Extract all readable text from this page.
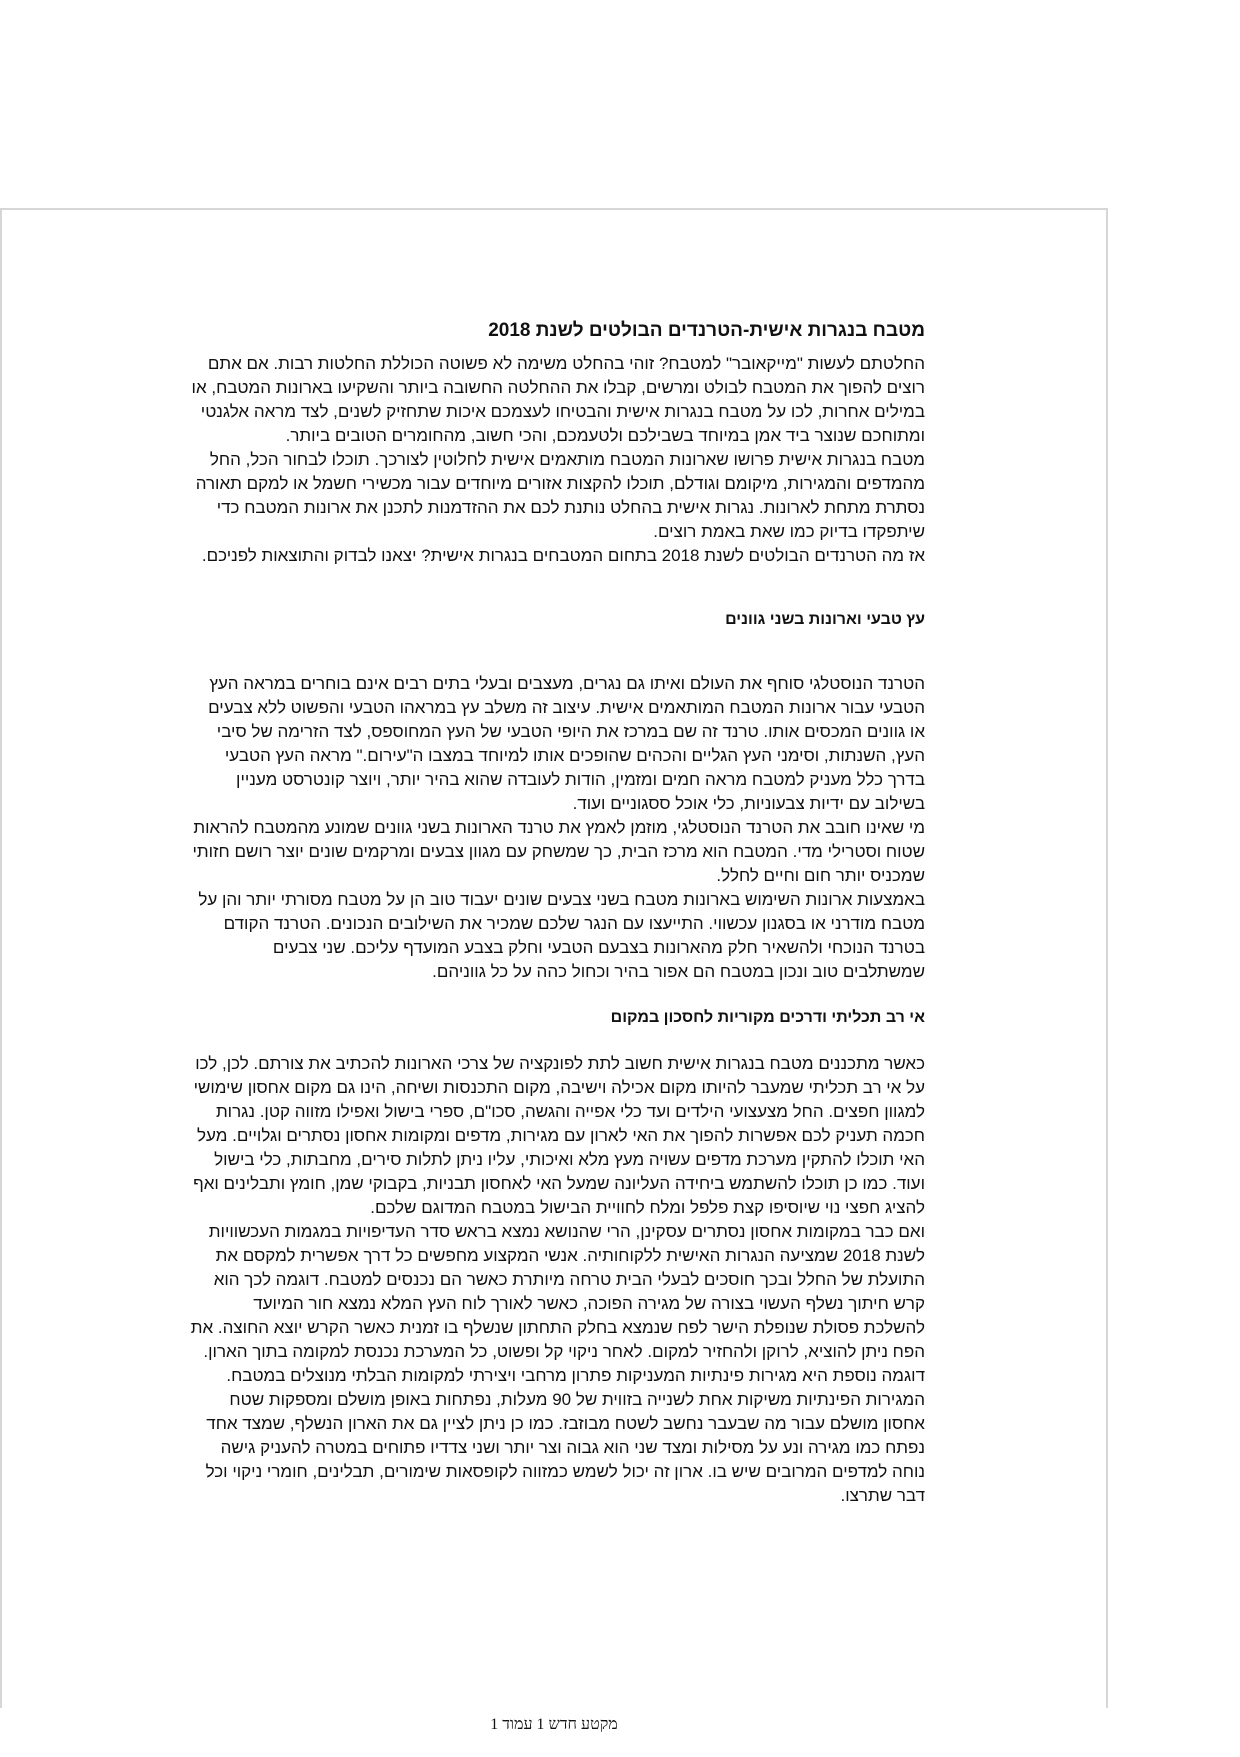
מטבח בנגרות אישית-הטרנדים הבולטים לשנת 2018

החלטתם לעשות "מייקאובר" למטבח? זוהי בהחלט משימה לא פשוטה הכוללת החלטות רבות. אם אתם רוצים להפוך את המטבח לבולט ומרשים, קבלו את ההחלטה החשובה ביותר והשקיעו בארונות המטבח, או במילים אחרות, לכו על מטבח בנגרות אישית והבטיחו לעצמכם איכות שתחזיק לשנים, לצד מראה אלגנטי ומתוחכם שנוצר ביד אמן במיוחד בשבילכם ולטעמכם, והכי חשוב, מהחומרים הטובים ביותר.

מטבח בנגרות אישית פרושו שארונות המטבח מותאמים אישית לחלוטין לצורכך. תוכלו לבחור הכל, החל מהמדפים והמגירות, מיקומם וגודלם, תוכלו להקצות אזורים מיוחדים עבור מכשירי חשמל או למקם תאורה נסתרת מתחת לארונות. נגרות אישית בהחלט נותנת לכם את ההזדמנות לתכנן את ארונות המטבח כדי שיתפקדו בדיוק כמו שאת באמת רוצים.

אז מה הטרנדים הבולטים לשנת 2018 בתחום המטבחים בנגרות אישית? יצאנו לבדוק והתוצאות לפניכם.

עץ טבעי וארונות בשני גוונים

הטרנד הנוסטלגי סוחף את העולם ואיתו גם נגרים, מעצבים ובעלי בתים רבים אינם בוחרים במראה העץ הטבעי עבור ארונות המטבח המותאמים אישית. עיצוב זה משלב עץ במראהו הטבעי והפשוט ללא צבעים או גוונים המכסים אותו. טרנד זה שם במרכז את היופי הטבעי של העץ המחוספס, לצד הזרימה של סיבי העץ, השנתות, וסימני העץ הגליים והכהים שהופכים אותו למיוחד במצבו ה"עירום." מראה העץ הטבעי בדרך כלל מעניק למטבח מראה חמים ומזמין, הודות לעובדה שהוא בהיר יותר, ויוצר קונטרסט מעניין בשילוב עם ידיות צבעוניות, כלי אוכל ססגוניים ועוד.

מי שאינו חובב את הטרנד הנוסטלגי, מוזמן לאמץ את טרנד הארונות בשני גוונים שמונע מהמטבח להראות שטוח וסטרילי מדי. המטבח הוא מרכז הבית, כך שמשחק עם מגוון צבעים ומרקמים שונים יוצר רושם חזותי שמכניס יותר חום וחיים לחלל.

באמצעות ארונות השימוש בארונות מטבח בשני צבעים שונים יעבוד טוב הן על מטבח מסורתי יותר והן על מטבח מודרני או בסגנון עכשווי. התייעצו עם הנגר שלכם שמכיר את השילובים הנכונים. הטרנד הקודם בטרנד הנוכחי ולהשאיר חלק מהארונות בצבעם הטבעי וחלק בצבע המועדף עליכם. שני צבעים שמשתלבים טוב ונכון במטבח הם אפור בהיר וכחול כהה על כל גווניהם.

אי רב תכליתי ודרכים מקוריות לחסכון במקום

כאשר מתכננים מטבח בנגרות אישית חשוב לתת לפונקציה של צרכי הארונות להכתיב את צורתם. לכן, לכו על אי רב תכליתי שמעבר להיותו מקום אכילה וישיבה, מקום התכנסות ושיחה, הינו גם מקום אחסון שימושי למגוון חפצים. החל מצעצועי הילדים ועד כלי אפייה והגשה, סכו"ם, ספרי בישול ואפילו מזווה קטן. נגרות חכמה תעניק לכם אפשרות להפוך את האי לארון עם מגירות, מדפים ומקומות אחסון נסתרים וגלויים. מעל האי תוכלו להתקין מערכת מדפים עשויה מעץ מלא ואיכותי, עליו ניתן לתלות סירים, מחבתות, כלי בישול ועוד. כמו כן תוכלו להשתמש ביחידה העליונה שמעל האי לאחסון תבניות, בקבוקי שמן, חומץ ותבלינים ואף להציג חפצי נוי שיוסיפו קצת פלפל ומלח לחוויית הבישול במטבח המדוגם שלכם.

ואם כבר במקומות אחסון נסתרים עסקינן, הרי שהנושא נמצא בראש סדר העדיפויות במגמות העכשוויות לשנת 2018 שמציעה הנגרות האישית ללקוחותיה. אנשי המקצוע מחפשים כל דרך אפשרית למקסם את התועלת של החלל ובכך חוסכים לבעלי הבית טרחה מיותרת כאשר הם נכנסים למטבח. דוגמה לכך הוא קרש חיתוך נשלף העשוי בצורה של מגירה הפוכה, כאשר לאורך לוח העץ המלא נמצא חור המיועד להשלכת פסולת שנופלת הישר לפח שנמצא בחלק התחתון שנשלף בו זמנית כאשר הקרש יוצא החוצה. את הפח ניתן להוציא, לרוקן ולהחזיר למקום. לאחר ניקוי קל ופשוט, כל המערכת נכנסת למקומה בתוך הארון.

דוגמה נוספת היא מגירות פינתיות המעניקות פתרון מרחבי ויצירתי למקומות הבלתי מנוצלים במטבח. המגירות הפינתיות משיקות אחת לשנייה בזווית של 90 מעלות, נפתחות באופן מושלם ומספקות שטח אחסון מושלם עבור מה שבעבר נחשב לשטח מבוזבז. כמו כן ניתן לציין גם את הארון הנשלף, שמצד אחד נפתח כמו מגירה ונע על מסילות ומצד שני הוא גבוה וצר יותר ושני צדדיו פתוחים במטרה להעניק גישה נוחה למדפים המרובים שיש בו. ארון זה יכול לשמש כמזווה לקופסאות שימורים, תבלינים, חומרי ניקוי וכל דבר שתרצו.

מקטע חדש 1 עמוד 1
